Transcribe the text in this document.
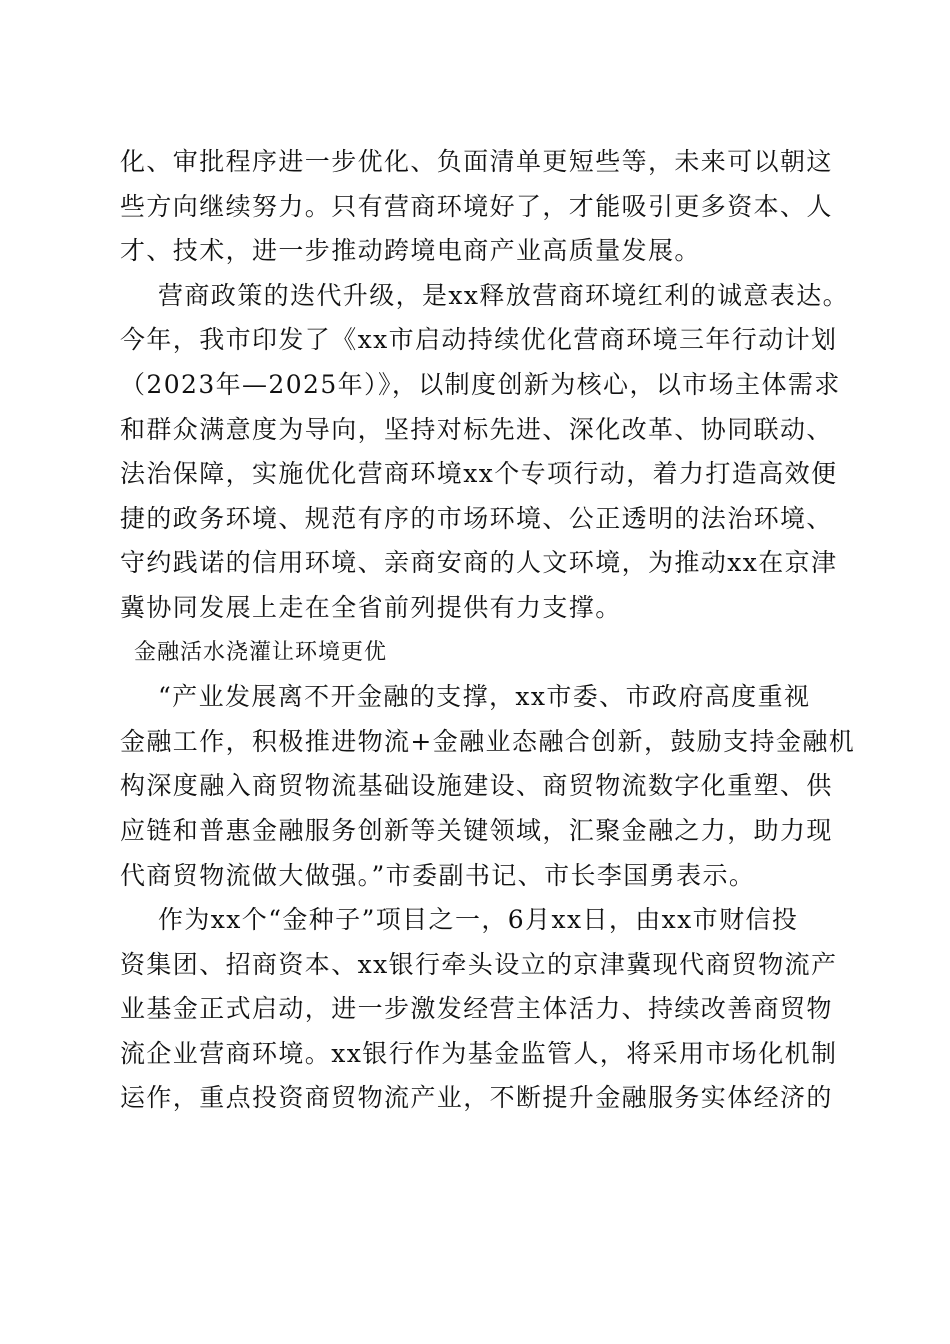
化、审批程序进一步优化、负面清单更短些等，未来可以朝这
些方向继续努力。只有营商环境好了，才能吸引更多资本、人
才、技术，进一步推动跨境电商产业高质量发展。
营商政策的迭代升级，是xx释放营商环境红利的诚意表达。
今年，我市印发了《xx市启动持续优化营商环境三年行动计划
（2023年—2025年）》，以制度创新为核心，以市场主体需求
和群众满意度为导向，坚持对标先进、深化改革、协同联动、
法治保障，实施优化营商环境xx个专项行动，着力打造高效便
捷的政务环境、规范有序的市场环境、公正透明的法治环境、
守约践诺的信用环境、亲商安商的人文环境，为推动xx在京津
冀协同发展上走在全省前列提供有力支撑。
金融活水浇灌让环境更优
“产业发展离不开金融的支撑，xx市委、市政府高度重视
金融工作，积极推进物流+金融业态融合创新，鼓励支持金融机
构深度融入商贸物流基础设施建设、商贸物流数字化重塑、供
应链和普惠金融服务创新等关键领域，汇聚金融之力，助力现
代商贸物流做大做强。”市委副书记、市长李国勇表示。
作为xx个“金种子”项目之一，6月xx日，由xx市财信投
资集团、招商资本、xx银行牵头设立的京津冀现代商贸物流产
业基金正式启动，进一步激发经营主体活力、持续改善商贸物
流企业营商环境。xx银行作为基金监管人，将采用市场化机制
运作，重点投资商贸物流产业，不断提升金融服务实体经济的
